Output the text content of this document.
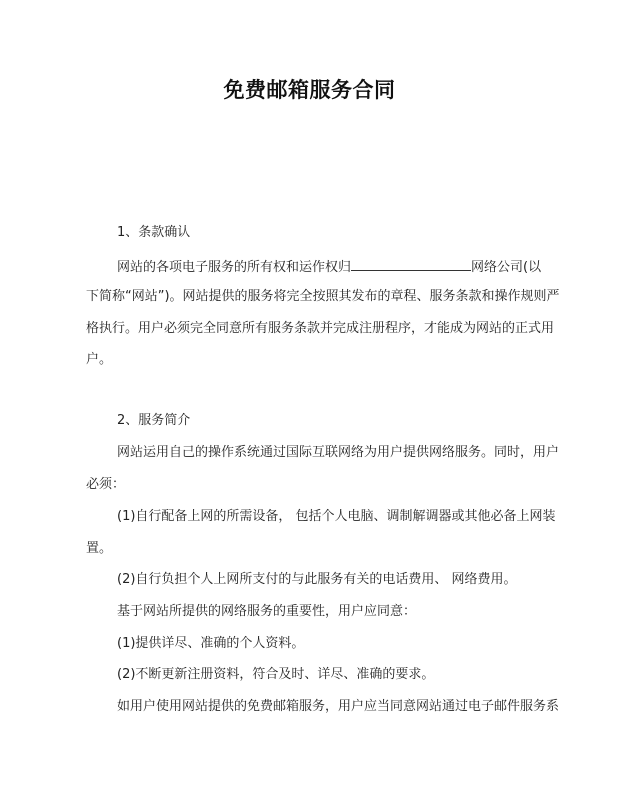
免费邮箱服务合同
1、条款确认
网站的各项电子服务的所有权和运作权归	网络公司(以
下简称“网站”)。网站提供的服务将完全按照其发布的章程、服务条款和操作规则严
格执行。用户必须完全同意所有服务条款并完成注册程序，才能成为网站的正式用
户。
2、服务简介
网站运用自己的操作系统通过国际互联网络为用户提供网络服务。同时，用户
必须：
(1)自行配备上网的所需设备， 包括个人电脑、调制解调器或其他必备上网装
置。
(2)自行负担个人上网所支付的与此服务有关的电话费用、 网络费用。
基于网站所提供的网络服务的重要性，用户应同意：
(1)提供详尽、准确的个人资料。
(2)不断更新注册资料，符合及时、详尽、准确的要求。
如用户使用网站提供的免费邮箱服务，用户应当同意网站通过电子邮件服务系
